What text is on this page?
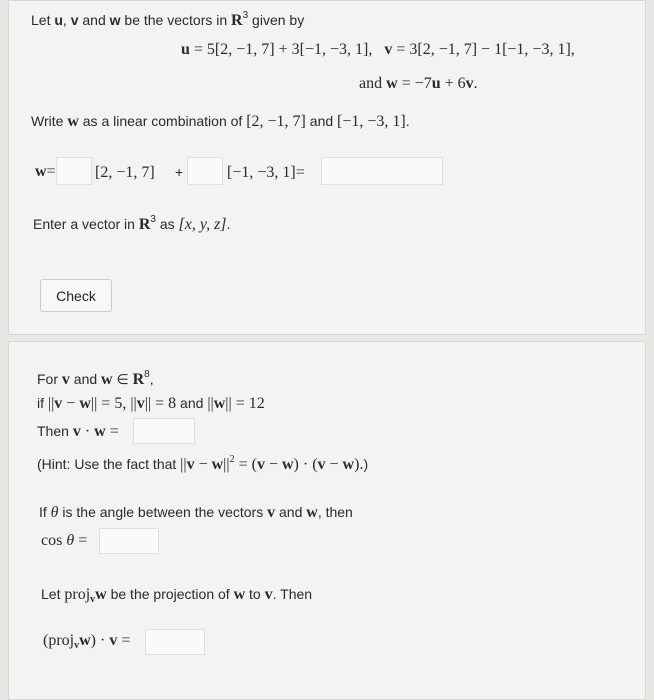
Let u, v and w be the vectors in $R^3$ given by
u = 5[2, −1, 7] + 3[−1, −3, 1],   v = 3[2, −1, 7] − 1[−1, −3, 1],
and w = −7u + 6v.
Write w as a linear combination of [2, −1, 7] and [−1, −3, 1].
w= [2, −1, 7] +	[−1, −3, 1]=
Enter a vector in $R^3$ as [x, y, z].
Check
For v and w ∈ $R^8$,
if ||v − w|| = 5, ||v|| = 8 and ||w|| = 12
Then v · w =
(Hint: Use the fact that $||v - w||^2 = (v - w) \cdot (v - w)$.)
If θ is the angle between the vectors v and w, then
cos θ =
Let proj$_v$w be the projection of w to v. Then
(proj$_v$w) · v =
